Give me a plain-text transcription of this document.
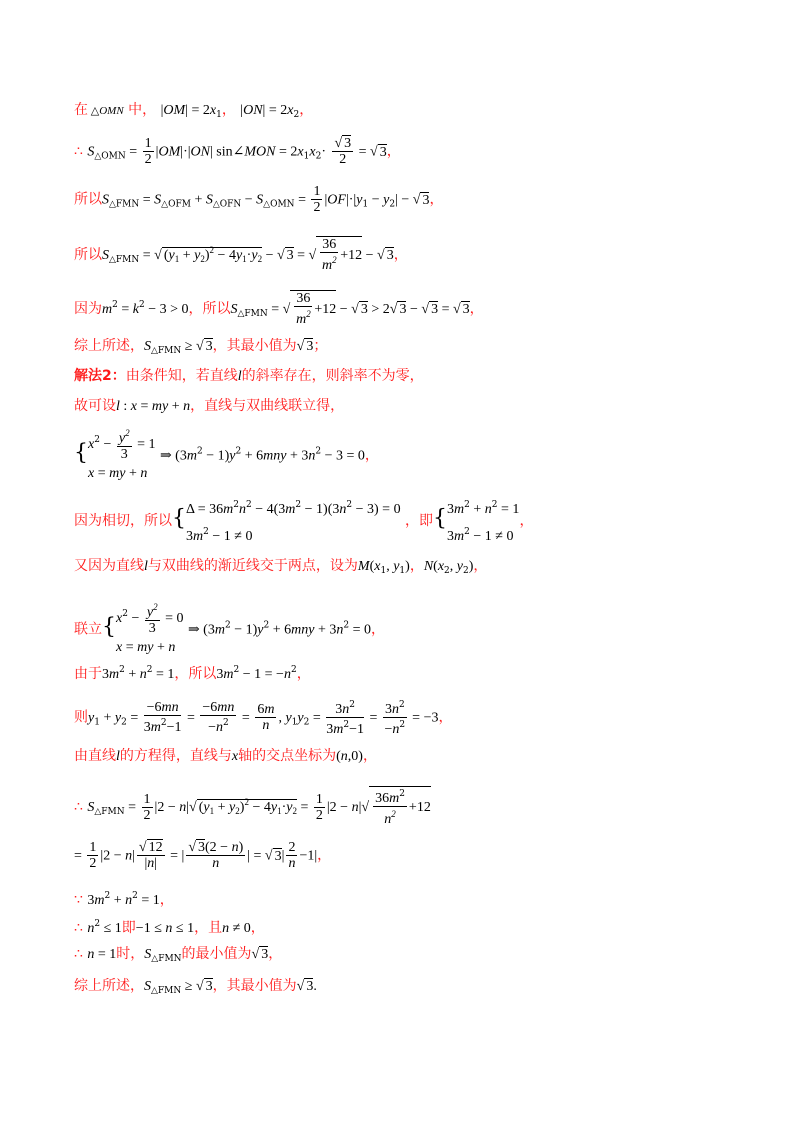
在 △OMN 中， $|OM| = 2x_1$， $|ON| = 2x_2$，
∴ $S_{\triangle OMN} = \frac{1}{2} |OM|\cdot|ON|$ sin∠MON = $2x_1x_2\cdot \frac{√ 3}{2}$ = √ 3，
所以$S_{\triangle FMN} = S_{\triangle OFM} + S_{\triangle OFN} - S_{\triangle OMN} = \frac{1}{2} |OF|\cdot|y_1 - y_2|$ − √ 3，
所以$S_{\triangle FMN}$ = √ $(y_1 + y_2)^2 - 4y_1\cdot y_2$ − √ 3 = √ $\frac{36}{m^2} +12$ − √ 3，
因为$m^2 = k^2 - 3 > 0$，所以$S_{\triangle FMN}$ = √ $\frac{36}{m^2} +12$ − √ 3 > 2√ 3 − √ 3 = √ 3，
综上所述，$S_{\triangle FMN}$ ≥ √ 3，其最小值为√ 3；
解法2：由条件知，若直线l的斜率存在，则斜率不为零，
故可设l : x = my + n，直线与双曲线联立得，
{ $x^2 - \frac{y^2}{3} = 1$
x = my + n
⇒ $(3m^2 - 1)y^2 + 6mny + 3n^2 - 3 = 0$，
因为相切，所以{ $\Delta = 36m^2n^2 - 4(3m^2 - 1)(3n^2 - 3) = 0$
$3m^2 - 1 \ne 0$
，即{ $3m^2 + n^2 = 1$
$3m^2 - 1 \ne 0$
，
又因为直线l与双曲线的渐近线交于两点，设为$M(x_1$, $y_1$)，$N(x_2$, $y_2$)，
联立{ $x^2 - \frac{y^2}{3} = 0$
x = my + n
⇒ $(3m^2 - 1)y^2 + 6mny + 3n^2 = 0$，
由于$3m^2 + n^2 = 1$，所以$3m^2 - 1 = -n^2$，
则$y_1 + y_2 = \frac{-6mn}{3m^2-1} = \frac{-6mn}{-n^2} = \frac{6m}{n}$ , $y_1y_2 = \frac{3n^2}{3m^2-1} = \frac{3n^2}{-n^2} = -3$，
由直线l的方程得，直线与x轴的交点坐标为(n,0)，
∴ $S_{\triangle FMN} = \frac{1}{2} |2 - n|√$ $(y_1 + y_2)^2 - 4y_1\cdot y_2 = \frac{1}{2} |2 - n|√ \frac{36m^2}{n^2} +12$
= $\frac{1}{2} |2 - n| \frac{√ 12}{|n|}$ = | $\frac{√ 3(2 - n)}{n}$ | = √ $3| \frac{2}{n} -1|$，
∵ $3m^2 + n^2 = 1$，
∴ $n^2 \le 1$即−1 ≤ n ≤ 1，且n ≠ 0，
∴ n = 1时，$S_{\triangle FMN}$的最小值为√ 3，
综上所述，$S_{\triangle FMN}$ ≥ √ 3，其最小值为√ 3.
